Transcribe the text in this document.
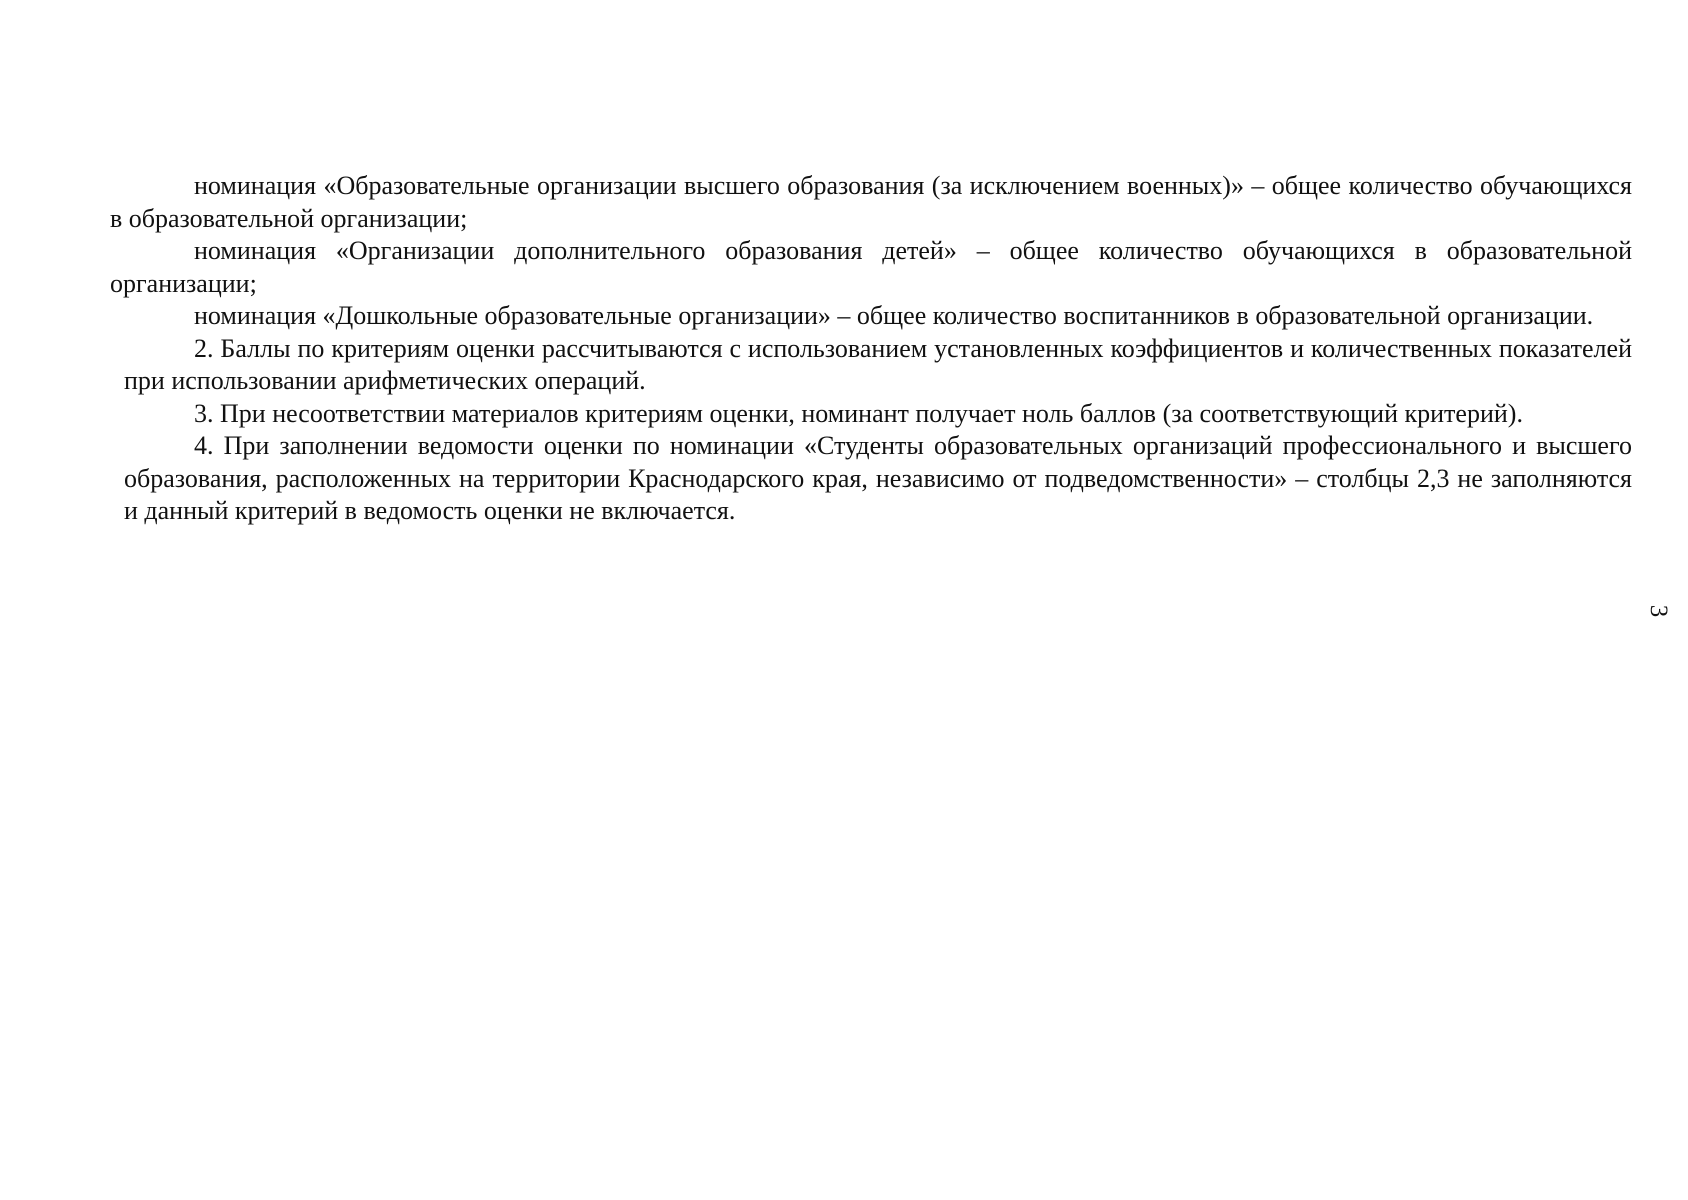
номинация «Образовательные организации высшего образования (за исключением военных)» – общее количество обучающихся в образовательной организации;

номинация «Организации дополнительного образования детей» – общее количество обучающихся в образовательной организации;

номинация «Дошкольные образовательные организации» – общее количество воспитанников в образовательной организации.

2. Баллы по критериям оценки рассчитываются с использованием установленных коэффициентов и количественных показателей при использовании арифметических операций.

3. При несоответствии материалов критериям оценки, номинант получает ноль баллов (за соответствующий критерий).

4. При заполнении ведомости оценки по номинации «Студенты образовательных организаций профессионального и высшего образования, расположенных на территории Краснодарского края, независимо от подведомственности» – столбцы 2,3 не заполняются и данный критерий в ведомость оценки не включается.

3
